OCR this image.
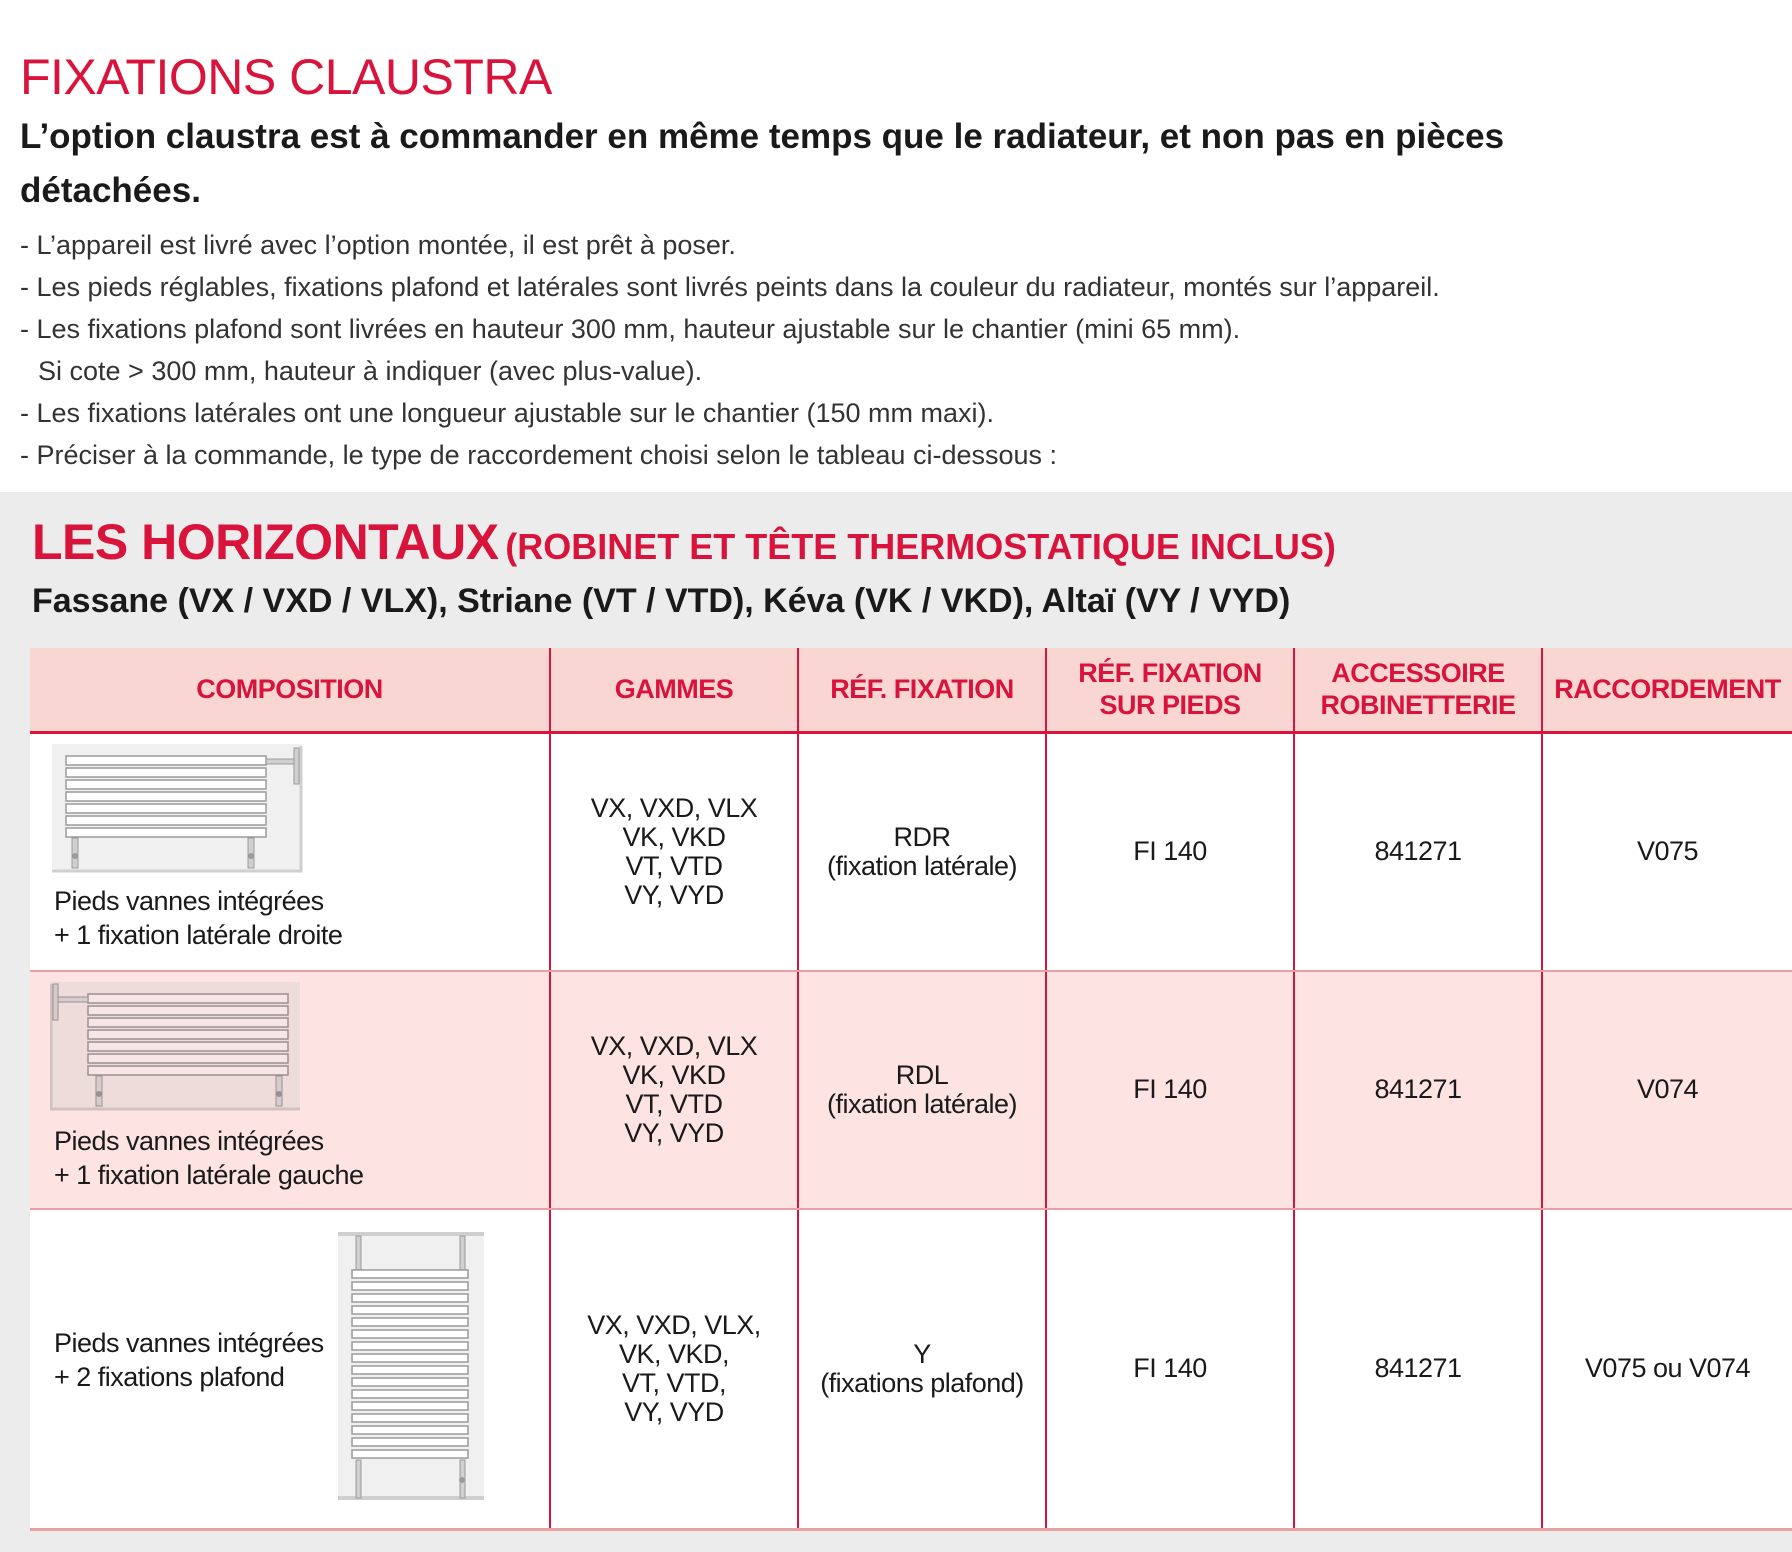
FIXATIONS CLAUSTRA

L’option claustra est à commander en même temps que le radiateur, et non pas en pièces détachées.

- L’appareil est livré avec l’option montée, il est prêt à poser.
- Les pieds réglables, fixations plafond et latérales sont livrés peints dans la couleur du radiateur, montés sur l’appareil.
- Les fixations plafond sont livrées en hauteur 300 mm, hauteur ajustable sur le chantier (mini 65 mm).
Si cote > 300 mm, hauteur à indiquer (avec plus-value).
- Les fixations latérales ont une longueur ajustable sur le chantier (150 mm maxi).
- Préciser à la commande, le type de raccordement choisi selon le tableau ci-dessous :
LES HORIZONTAUX (ROBINET ET TÊTE THERMOSTATIQUE INCLUS)

Fassane (VX / VXD / VLX), Striane (VT / VTD), Kéva (VK / VKD), Altaï (VY / VYD)

COMPOSITION	GAMMES	RÉF. FIXATION	RÉF. FIXATION
SUR PIEDS	ACCESSOIRE
ROBINETTERIE	RACCORDEMENT

Pieds vannes intégrées
+ 1 fixation latérale droite	VX, VXD, VLX
VK, VKD
VT, VTD
VY, VYD	RDR
(fixation latérale)	FI 140	841271	V075

Pieds vannes intégrées
+ 1 fixation latérale gauche	VX, VXD, VLX
VK, VKD
VT, VTD
VY, VYD	RDL
(fixation latérale)	FI 140	841271	V074

Pieds vannes intégrées
+ 2 fixations plafond	VX, VXD, VLX,
VK, VKD,
VT, VTD,
VY, VYD	Y
(fixations plafond)	FI 140	841271	V075 ou V074
